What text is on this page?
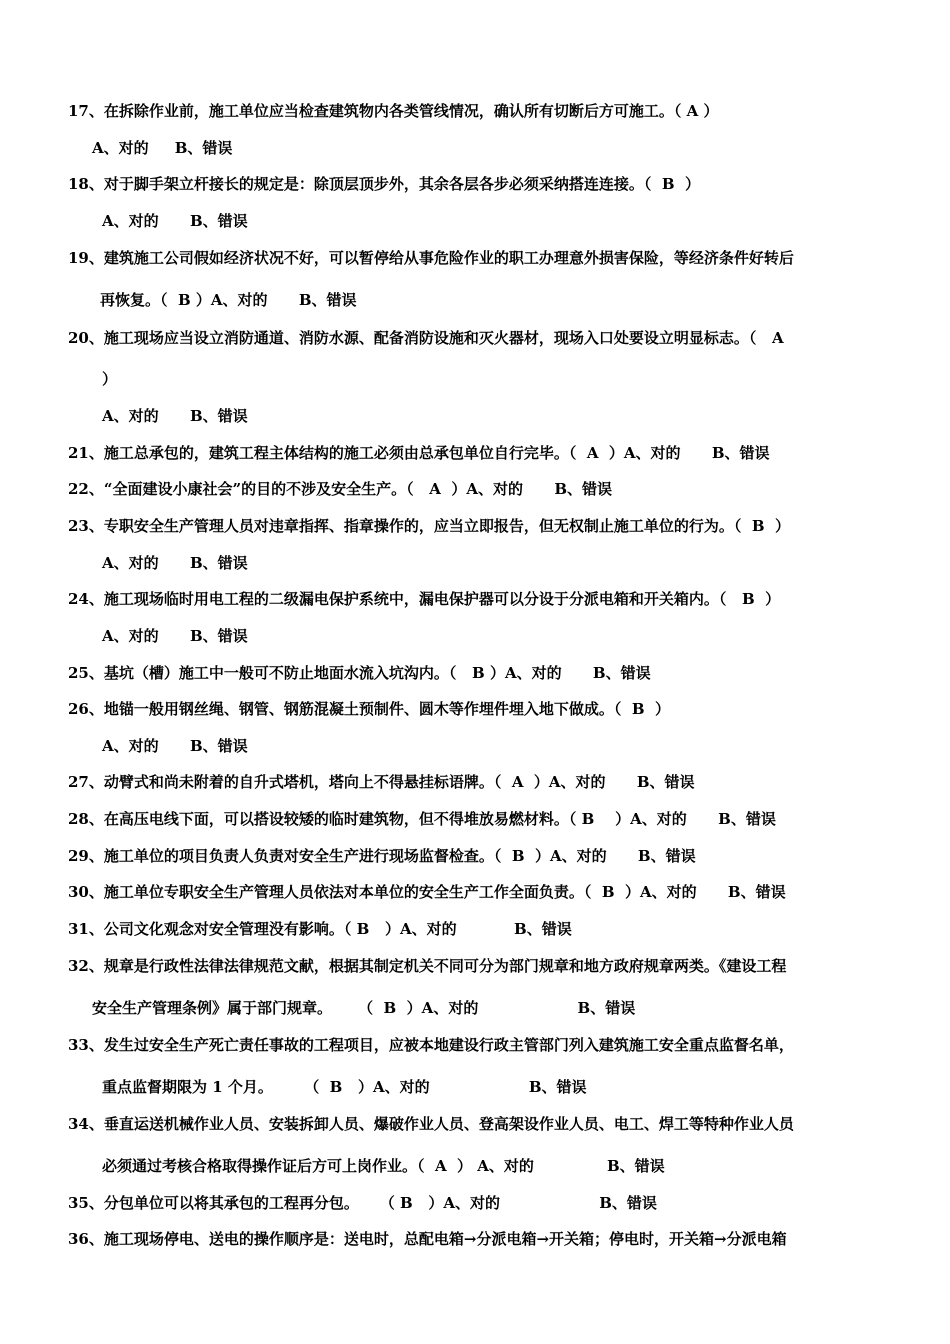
17、在拆除作业前，施工单位应当检查建筑物内各类管线情况，确认所有切断后方可施工。（ A ）
A、对的     B、错误
18、对于脚手架立杆接长的规定是：除顶层顶步外，其余各层各步必须采纳搭连连接。（  B  ）
A、对的      B、错误
19、建筑施工公司假如经济状况不好，可以暂停给从事危险作业的职工办理意外损害保险，等经济条件好转后
再恢复。（  B ）A、对的      B、错误
20、施工现场应当设立消防通道、消防水源、配备消防设施和灭火器材，现场入口处要设立明显标志。（   A
）
A、对的      B、错误
21、施工总承包的，建筑工程主体结构的施工必须由总承包单位自行完毕。（  A  ）A、对的      B、错误
22、“全面建设小康社会”的目的不涉及安全生产。（   A  ）A、对的      B、错误
23、专职安全生产管理人员对违章指挥、指章操作的，应当立即报告，但无权制止施工单位的行为。（  B  ）
A、对的      B、错误
24、施工现场临时用电工程的二级漏电保护系统中，漏电保护器可以分设于分派电箱和开关箱内。（   B  ）
A、对的      B、错误
25、基坑（槽）施工中一般可不防止地面水流入坑沟内。（   B ）A、对的      B、错误
26、地锚一般用钢丝绳、钢管、钢筋混凝土预制件、圆木等作埋件埋入地下做成。（  B  ）
A、对的      B、错误
27、动臂式和尚未附着的自升式塔机，塔向上不得悬挂标语牌。（  A  ）A、对的      B、错误
28、在高压电线下面，可以搭设较矮的临时建筑物，但不得堆放易燃材料。（ B    ）A、对的      B、错误
29、施工单位的项目负责人负责对安全生产进行现场监督检查。（  B  ）A、对的      B、错误
30、施工单位专职安全生产管理人员依法对本单位的安全生产工作全面负责。（  B  ）A、对的      B、错误
31、公司文化观念对安全管理没有影响。（ B   ）A、对的           B、错误
32、规章是行政性法律法律规范文献，根据其制定机关不同可分为部门规章和地方政府规章两类。《建设工程
安全生产管理条例》属于部门规章。     （  B  ）A、对的                   B、错误
33、发生过安全生产死亡责任事故的工程项目，应被本地建设行政主管部门列入建筑施工安全重点监督名单，
重点监督期限为 1 个月。      （  B   ）A、对的                   B、错误
34、垂直运送机械作业人员、安装拆卸人员、爆破作业人员、登高架设作业人员、电工、焊工等特种作业人员
必须通过考核合格取得操作证后方可上岗作业。（  A  ） A、对的              B、错误
35、分包单位可以将其承包的工程再分包。    （ B   ）A、对的                   B、错误
36、施工现场停电、送电的操作顺序是：送电时，总配电箱→分派电箱→开关箱；停电时，开关箱→分派电箱
